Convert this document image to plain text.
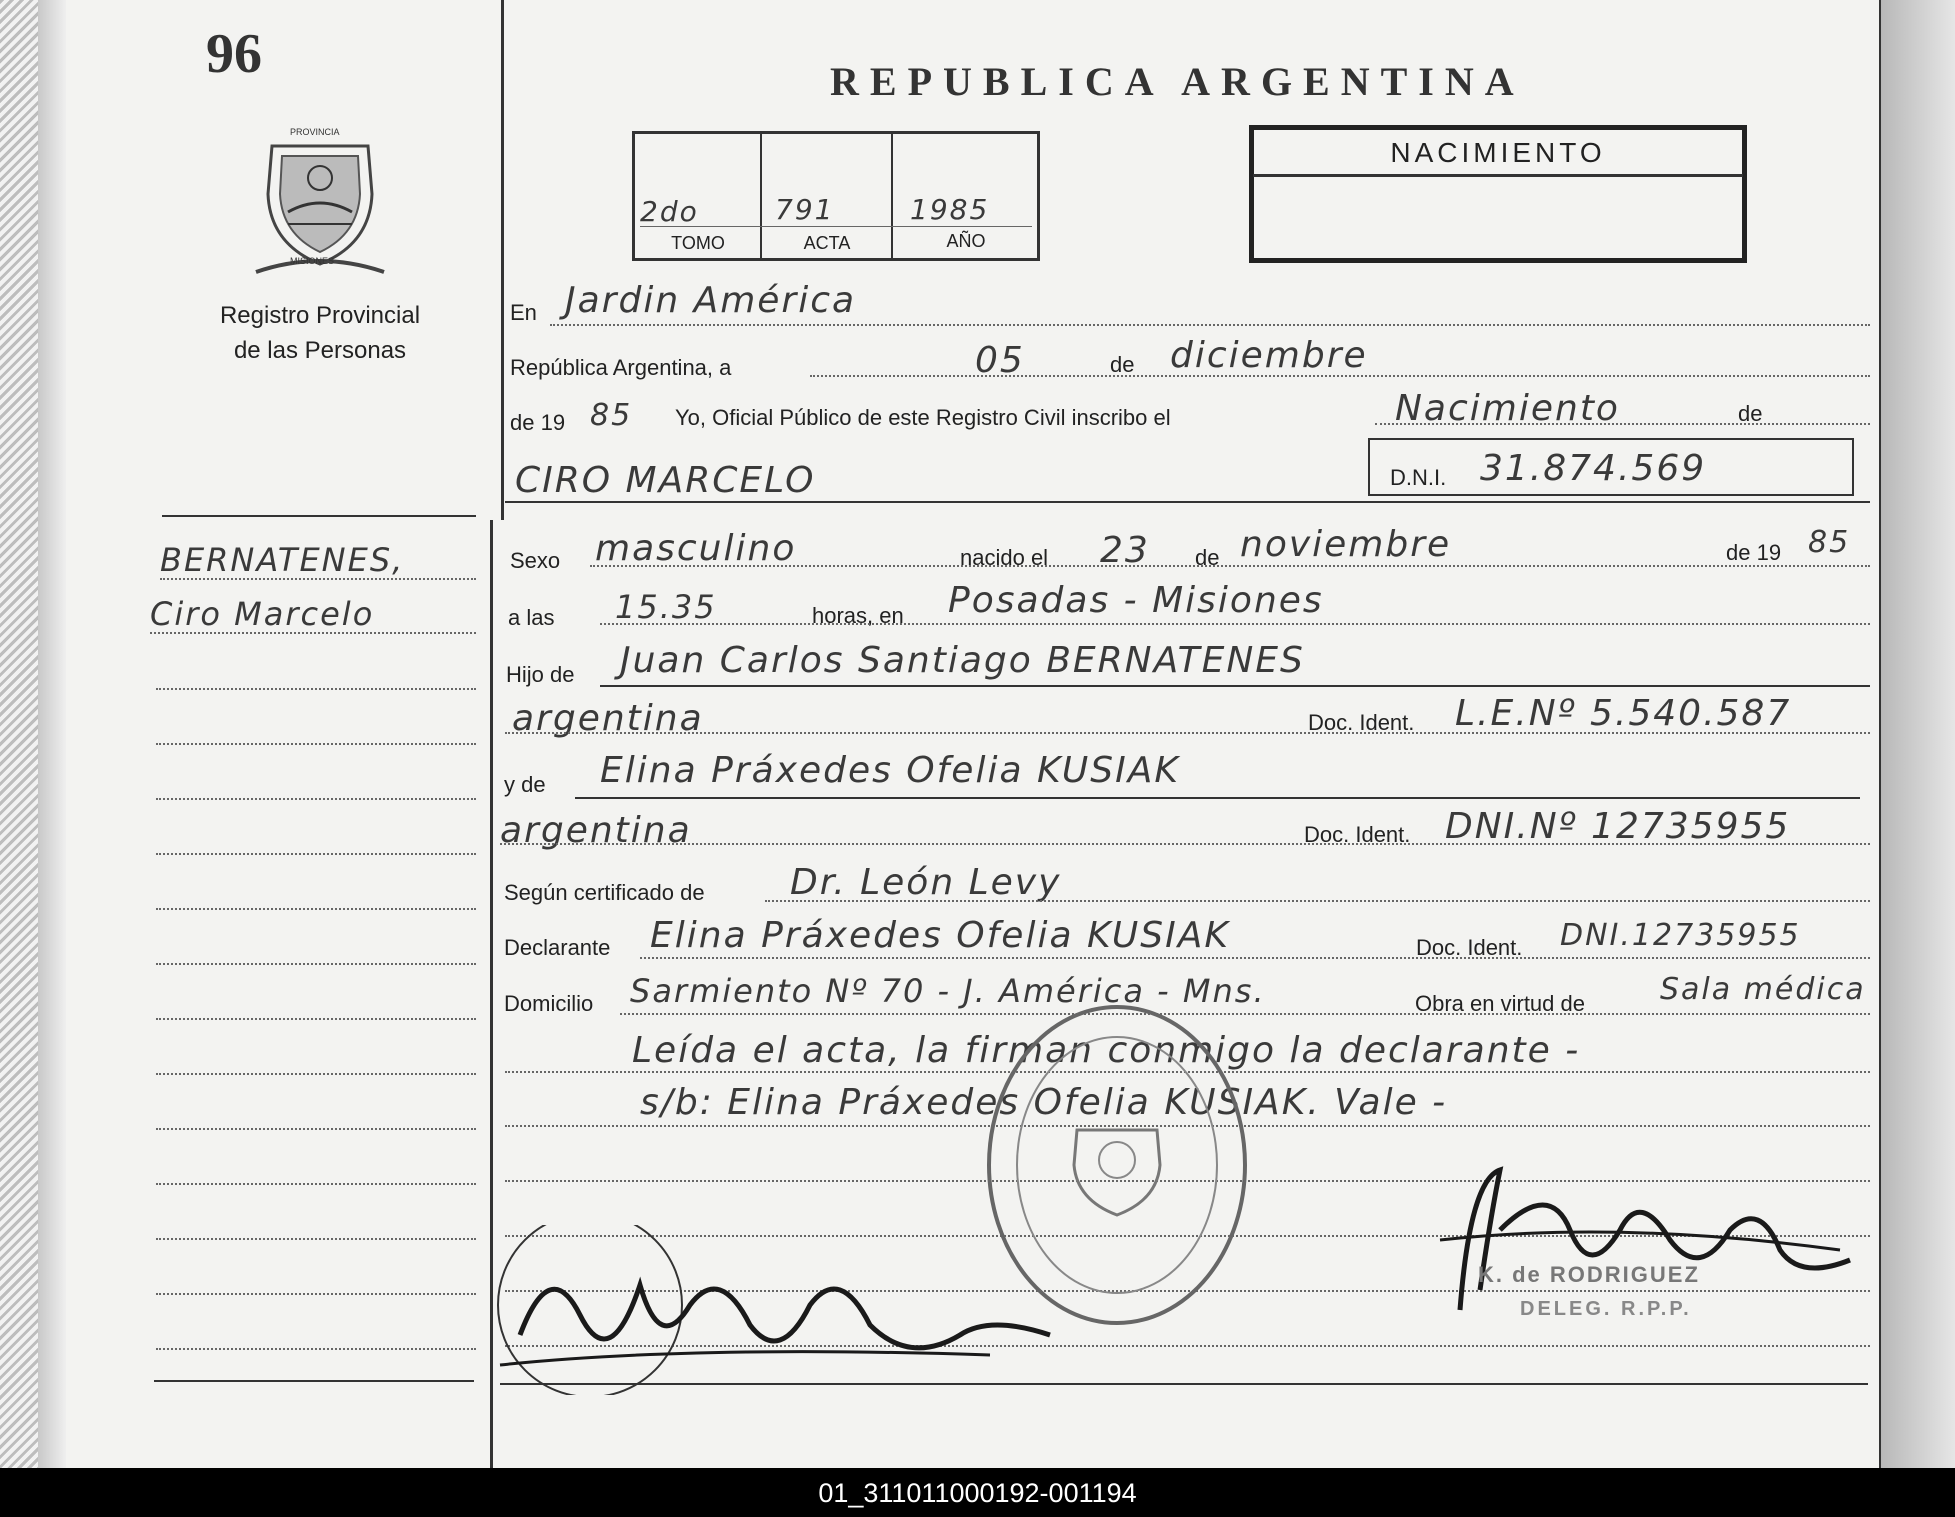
96
PROVINCIA
MISIONES
Registro Provincial
de las Personas
BERNATENES,
Ciro Marcelo
REPUBLICA ARGENTINA
2do	791	1985
TOMO	ACTA	AÑO
NACIMIENTO
En Jardin América
República Argentina, a	05	de diciembre
de 19 85 Yo, Oficial Público de este Registro Civil inscribo el	Nacimiento	de
CIRO MARCELO	D.N.I. 31.874.569
Sexo masculino	nacido el 23 de noviembre	de 19 85
a las 15.35	horas, en Posadas - Misiones
Hijo de Juan Carlos Santiago BERNATENES
argentina	Doc. Ident. L.E.Nº 5.540.587
y de Elina Práxedes Ofelia KUSIAK
argentina	Doc. Ident. DNI.Nº 12735955
Según certificado de Dr. León Levy
Declarante Elina Práxedes Ofelia KUSIAK	Doc. Ident. DNI.12735955
Domicilio Sarmiento Nº 70 - J. América - Mns.	Obra en virtud de	Sala médica
Leída el acta, la firman conmigo la declarante -
s/b: Elina Práxedes Ofelia KUSIAK. Vale -
K. de RODRIGUEZ
DELEG. R.P.P.
01_311011000192-001194
